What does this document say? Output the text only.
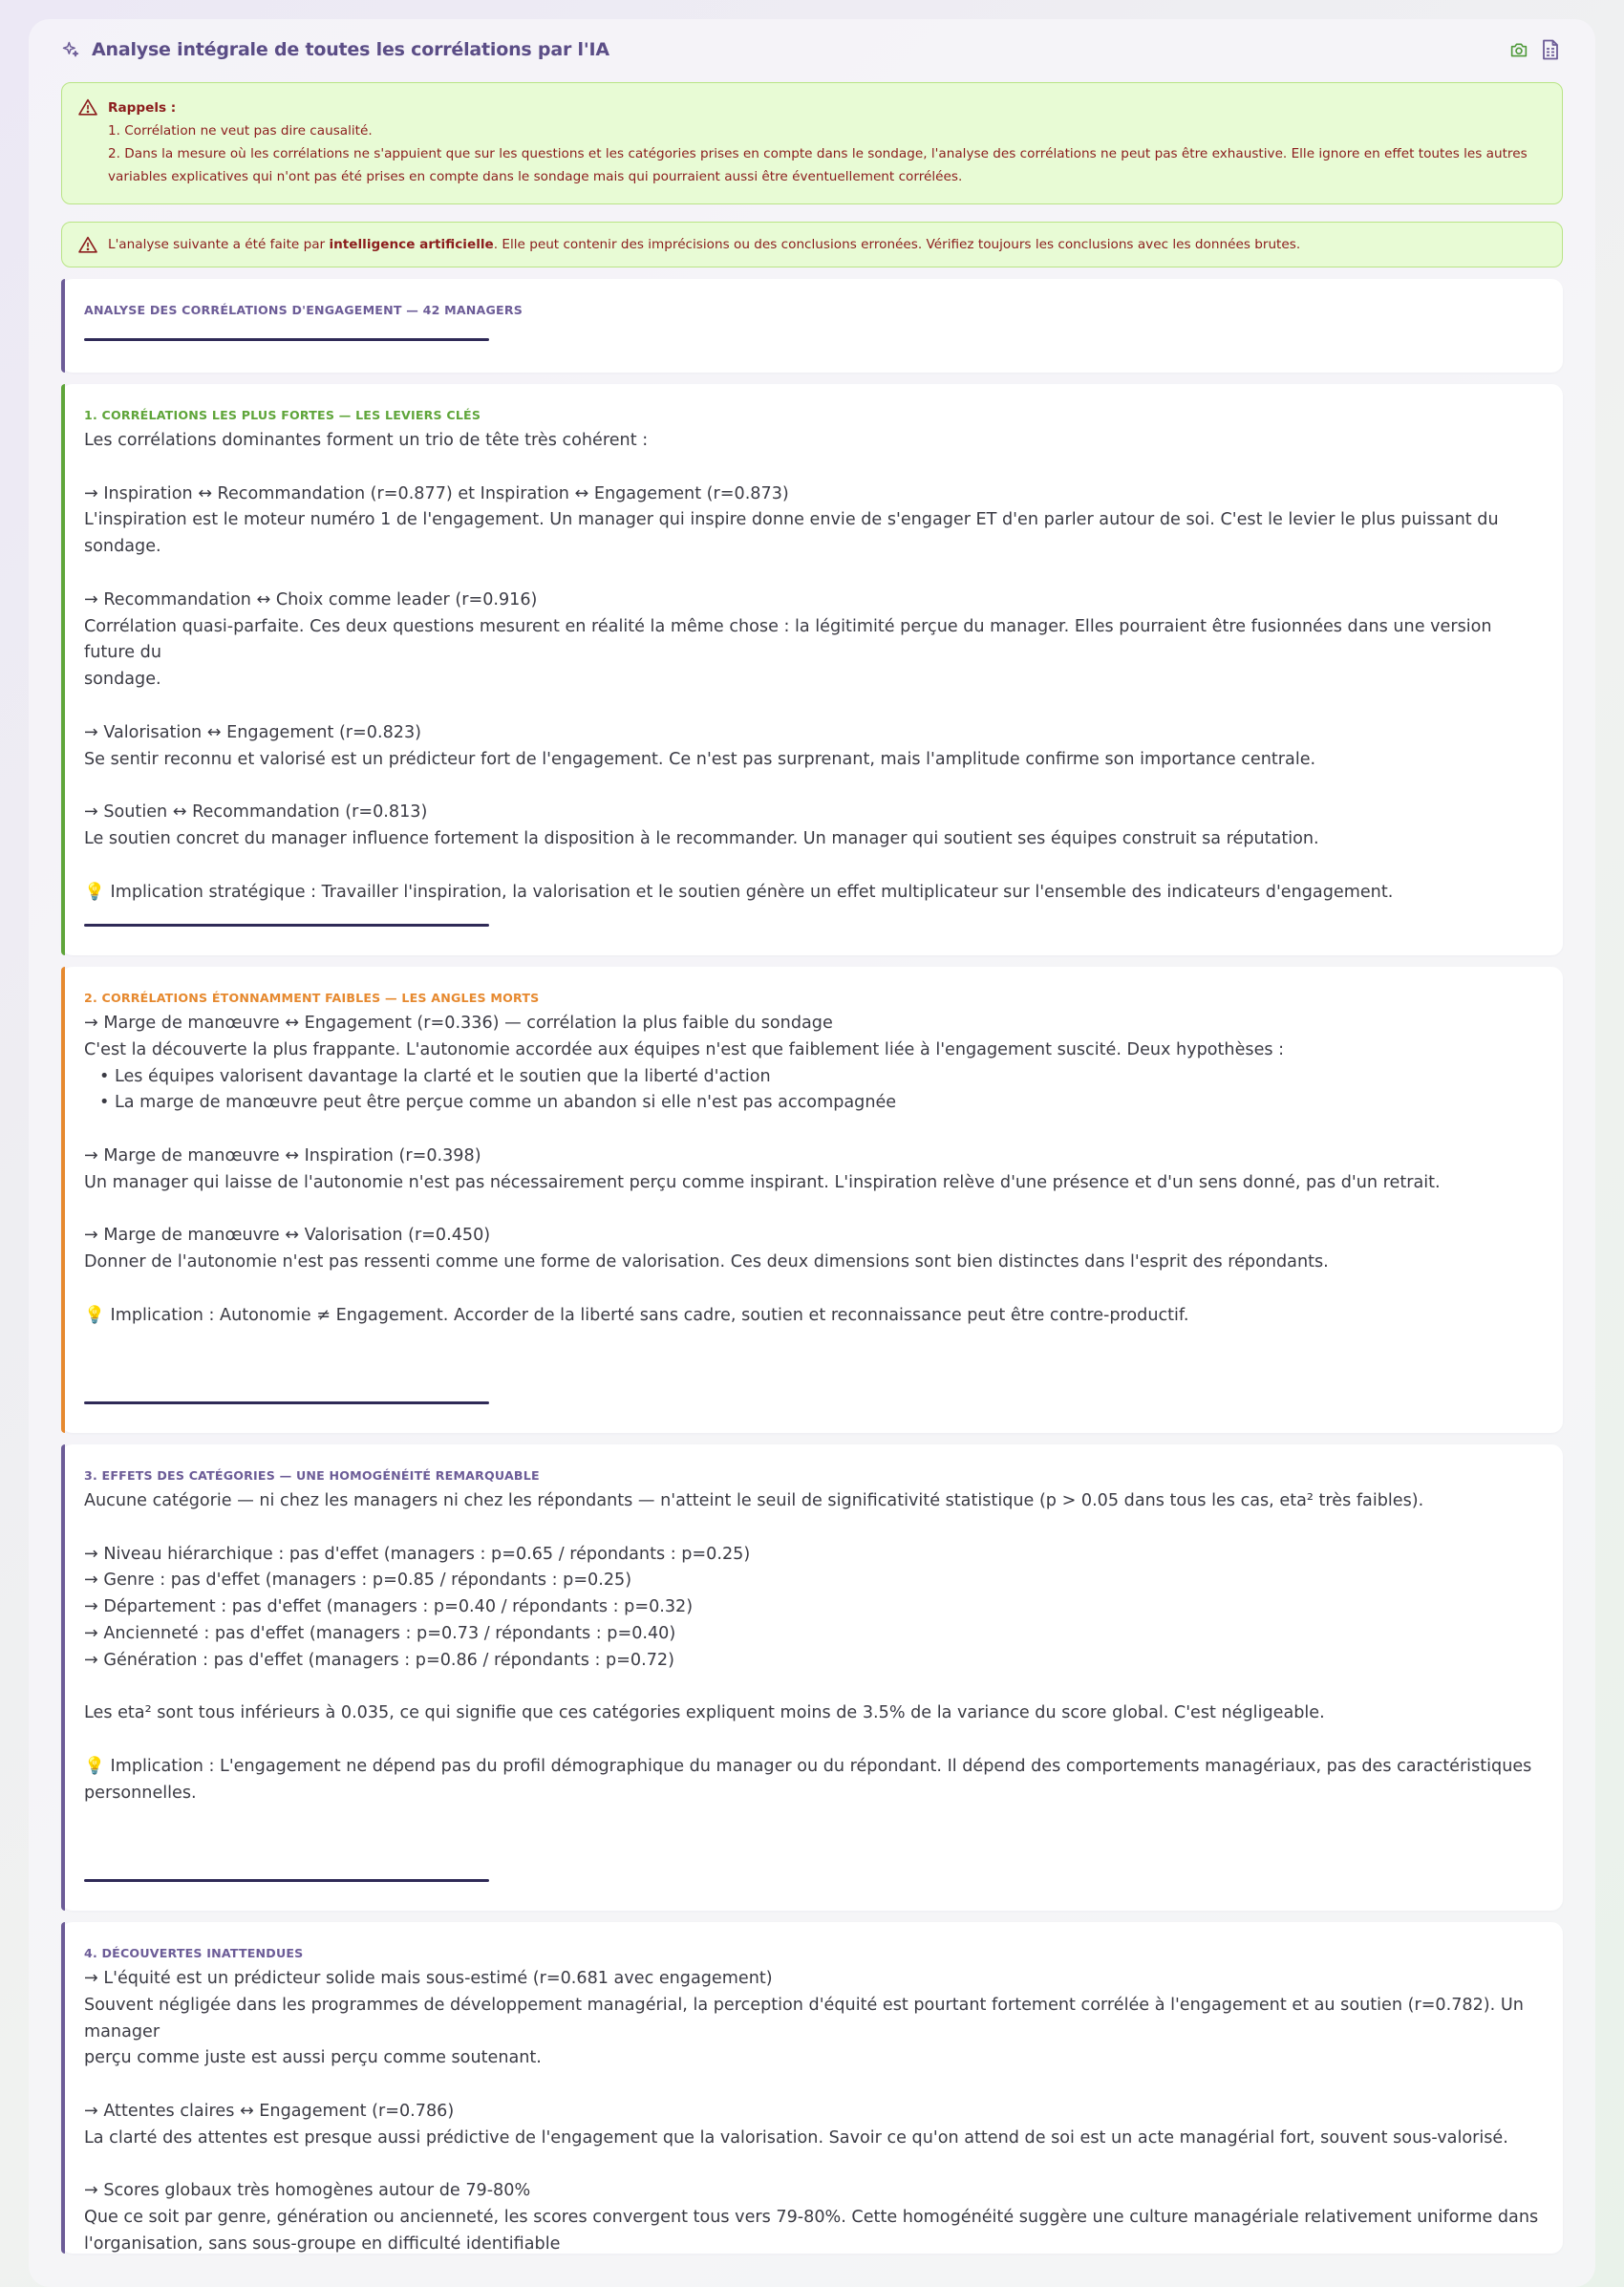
Analyse intégrale de toutes les corrélations par l'IA
Rappels :
1. Corrélation ne veut pas dire causalité.
2. Dans la mesure où les corrélations ne s'appuient que sur les questions et les catégories prises en compte dans le sondage, l'analyse des corrélations ne peut pas être exhaustive. Elle ignore en effet toutes les autres
variables explicatives qui n'ont pas été prises en compte dans le sondage mais qui pourraient aussi être éventuellement corrélées.
L'analyse suivante a été faite par intelligence artificielle. Elle peut contenir des imprécisions ou des conclusions erronées. Vérifiez toujours les conclusions avec les données brutes.
ANALYSE DES CORRÉLATIONS D'ENGAGEMENT — 42 MANAGERS
1. CORRÉLATIONS LES PLUS FORTES — LES LEVIERS CLÉS
Les corrélations dominantes forment un trio de tête très cohérent :
→ Inspiration ↔ Recommandation (r=0.877) et Inspiration ↔ Engagement (r=0.873)
L'inspiration est le moteur numéro 1 de l'engagement. Un manager qui inspire donne envie de s'engager ET d'en parler autour de soi. C'est le levier le plus puissant du sondage.
→ Recommandation ↔ Choix comme leader (r=0.916)
Corrélation quasi-parfaite. Ces deux questions mesurent en réalité la même chose : la légitimité perçue du manager. Elles pourraient être fusionnées dans une version future du
sondage.
→ Valorisation ↔ Engagement (r=0.823)
Se sentir reconnu et valorisé est un prédicteur fort de l'engagement. Ce n'est pas surprenant, mais l'amplitude confirme son importance centrale.
→ Soutien ↔ Recommandation (r=0.813)
Le soutien concret du manager influence fortement la disposition à le recommander. Un manager qui soutient ses équipes construit sa réputation.
💡 Implication stratégique : Travailler l'inspiration, la valorisation et le soutien génère un effet multiplicateur sur l'ensemble des indicateurs d'engagement.
2. CORRÉLATIONS ÉTONNAMMENT FAIBLES — LES ANGLES MORTS
→ Marge de manœuvre ↔ Engagement (r=0.336) — corrélation la plus faible du sondage
C'est la découverte la plus frappante. L'autonomie accordée aux équipes n'est que faiblement liée à l'engagement suscité. Deux hypothèses :
• Les équipes valorisent davantage la clarté et le soutien que la liberté d'action
• La marge de manœuvre peut être perçue comme un abandon si elle n'est pas accompagnée
→ Marge de manœuvre ↔ Inspiration (r=0.398)
Un manager qui laisse de l'autonomie n'est pas nécessairement perçu comme inspirant. L'inspiration relève d'une présence et d'un sens donné, pas d'un retrait.
→ Marge de manœuvre ↔ Valorisation (r=0.450)
Donner de l'autonomie n'est pas ressenti comme une forme de valorisation. Ces deux dimensions sont bien distinctes dans l'esprit des répondants.
💡 Implication : Autonomie ≠ Engagement. Accorder de la liberté sans cadre, soutien et reconnaissance peut être contre-productif.
3. EFFETS DES CATÉGORIES — UNE HOMOGÉNÉITÉ REMARQUABLE
Aucune catégorie — ni chez les managers ni chez les répondants — n'atteint le seuil de significativité statistique (p > 0.05 dans tous les cas, eta² très faibles).
→ Niveau hiérarchique : pas d'effet (managers : p=0.65 / répondants : p=0.25)
→ Genre : pas d'effet (managers : p=0.85 / répondants : p=0.25)
→ Département : pas d'effet (managers : p=0.40 / répondants : p=0.32)
→ Ancienneté : pas d'effet (managers : p=0.73 / répondants : p=0.40)
→ Génération : pas d'effet (managers : p=0.86 / répondants : p=0.72)
Les eta² sont tous inférieurs à 0.035, ce qui signifie que ces catégories expliquent moins de 3.5% de la variance du score global. C'est négligeable.
💡 Implication : L'engagement ne dépend pas du profil démographique du manager ou du répondant. Il dépend des comportements managériaux, pas des caractéristiques
personnelles.
4. DÉCOUVERTES INATTENDUES
→ L'équité est un prédicteur solide mais sous-estimé (r=0.681 avec engagement)
Souvent négligée dans les programmes de développement managérial, la perception d'équité est pourtant fortement corrélée à l'engagement et au soutien (r=0.782). Un manager
perçu comme juste est aussi perçu comme soutenant.
→ Attentes claires ↔ Engagement (r=0.786)
La clarté des attentes est presque aussi prédictive de l'engagement que la valorisation. Savoir ce qu'on attend de soi est un acte managérial fort, souvent sous-valorisé.
→ Scores globaux très homogènes autour de 79-80%
Que ce soit par genre, génération ou ancienneté, les scores convergent tous vers 79-80%. Cette homogénéité suggère une culture managériale relativement uniforme dans
l'organisation, sans sous-groupe en difficulté identifiable
